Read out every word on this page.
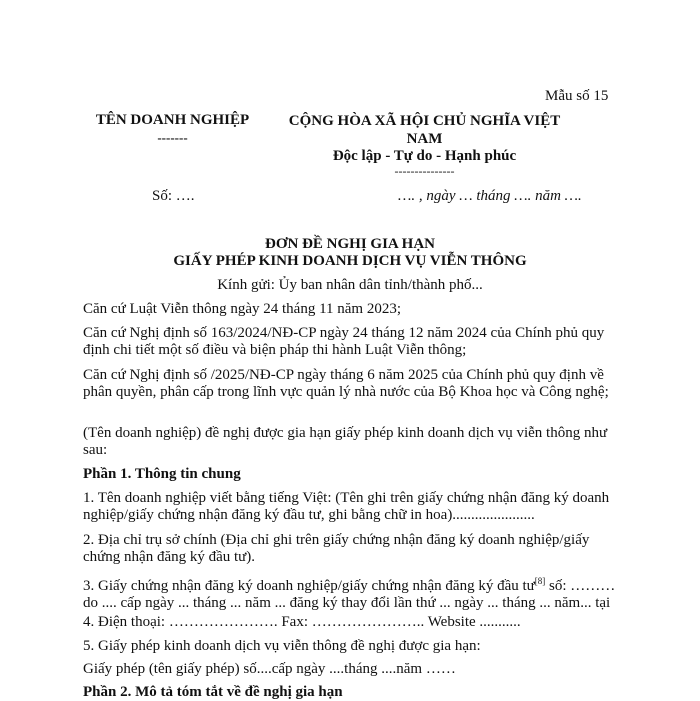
Mẫu số 15
TÊN DOANH NGHIỆP
-------
CỘNG HÒA XÃ HỘI CHỦ NGHĨA VIỆT NAM
Độc lập - Tự do - Hạnh phúc
---------------
Số: ….	…. , ngày … tháng …. năm ….
ĐƠN ĐỀ NGHỊ GIA HẠN
GIẤY PHÉP KINH DOANH DỊCH VỤ VIỄN THÔNG
Kính gửi: Ủy ban nhân dân tỉnh/thành phố...
Căn cứ Luật Viễn thông ngày 24 tháng 11 năm 2023;
Căn cứ Nghị định số 163/2024/NĐ-CP ngày 24 tháng 12 năm 2024 của Chính phủ quy định chi tiết một số điều và biện pháp thi hành Luật Viễn thông;
Căn cứ Nghị định số /2025/NĐ-CP ngày tháng 6 năm 2025 của Chính phủ quy định về phân quyền, phân cấp trong lĩnh vực quản lý nhà nước của Bộ Khoa học và Công nghệ;
(Tên doanh nghiệp) đề nghị được gia hạn giấy phép kinh doanh dịch vụ viễn thông như sau:
Phần 1. Thông tin chung
1. Tên doanh nghiệp viết bằng tiếng Việt: (Tên ghi trên giấy chứng nhận đăng ký doanh nghiệp/giấy chứng nhận đăng ký đầu tư, ghi bằng chữ in hoa)......................
2. Địa chỉ trụ sở chính (Địa chỉ ghi trên giấy chứng nhận đăng ký doanh nghiệp/giấy chứng nhận đăng ký đầu tư).
3. Giấy chứng nhận đăng ký doanh nghiệp/giấy chứng nhận đăng ký đầu tư[8] số: ……… do .... cấp ngày ... tháng ... năm ... đăng ký thay đổi lần thứ ... ngày ... tháng ... năm... tại
4. Điện thoại: …………………. Fax: ………………….. Website ...........
5. Giấy phép kinh doanh dịch vụ viễn thông đề nghị được gia hạn:
Giấy phép (tên giấy phép) số....cấp ngày ....tháng ....năm ……
Phần 2. Mô tả tóm tắt về đề nghị gia hạn
